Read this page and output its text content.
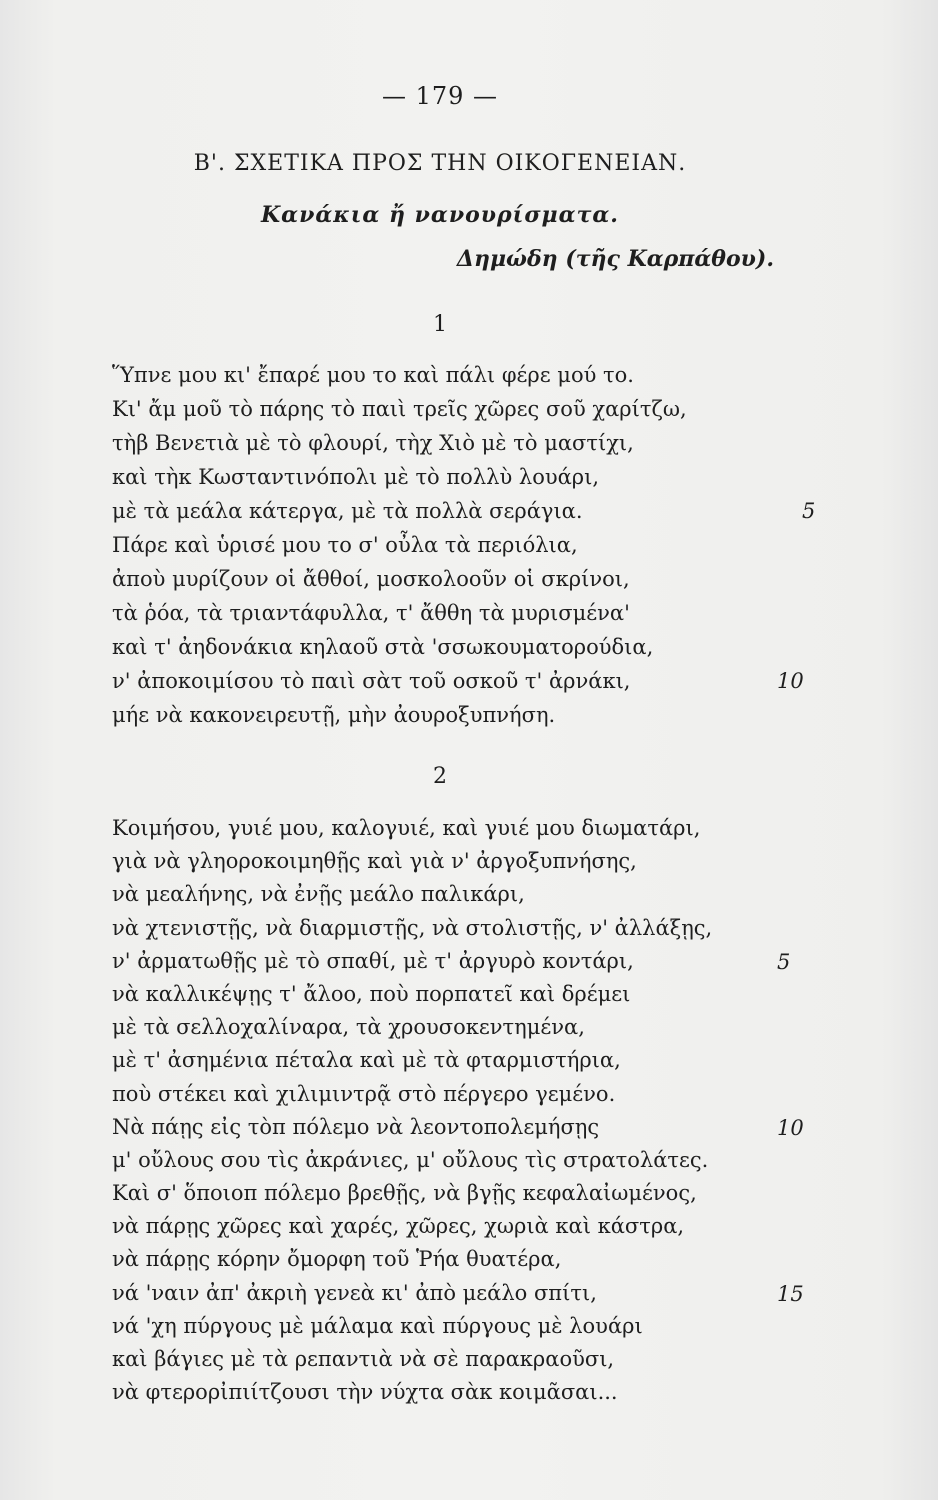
— 179 —
Β'. ΣΧΕΤΙΚΑ ΠΡΟΣ ΤΗΝ ΟΙΚΟΓΕΝΕΙΑΝ.
Κανάκια ἤ νανουρίσματα.
Δημώδη (τῆς Καρπάθου).
1
Ὕπνε μου κι' ἔπαρέ μου το καὶ πάλι φέρε μού το.
Κι' ἄμ μοῦ τὸ πάρης τὸ παιὶ τρεῖς χῶρες σοῦ χαρίτζω,
τὴβ Βενετιὰ μὲ τὸ φλουρί, τὴχ Χιὸ μὲ τὸ μαστίχι,
καὶ τὴκ Κωσταντινόπολι μὲ τὸ πολλὺ λουάρι,
μὲ τὰ μεάλα κάτεργα, μὲ τὰ πολλὰ σεράγια.	5
Πάρε καὶ ὑρισέ μου το σ' οὖλα τὰ περιόλια,
ἀποὺ μυρίζουν οἱ ἄθθοί, μοσκολοοῦν οἱ σκρίνοι,
τὰ ῥόα, τὰ τριαντάφυλλα, τ' ἄθθη τὰ μυρισμένα'
καὶ τ' ἀηδονάκια κηλαοῦ στὰ 'σσωκουματορούδια,
ν' ἀποκοιμίσου τὸ παιὶ σὰτ τοῦ οσκοῦ τ' ἀρνάκι,	10
μήε νὰ κακονειρευτῇ, μὴν ἀουροξυπνήση.
2
Κοιμήσου, γυιέ μου, καλογυιέ, καὶ γυιέ μου διωματάρι,
γιὰ νὰ γληοροκοιμηθῇς καὶ γιὰ ν' ἀργοξυπνήσης,
νὰ μεαλήνης, νὰ ἐνῇς μεάλο παλικάρι,
νὰ χτενιστῇς, νὰ διαρμιστῇς, νὰ στολιστῇς, ν' ἀλλάξῃς,
ν' ἀρματωθῇς μὲ τὸ σπαθί, μὲ τ' ἀργυρὸ κοντάρι,	5
νὰ καλλικέψῃς τ' ἄλοο, ποὺ πορπατεῖ καὶ δρέμει
μὲ τὰ σελλοχαλίναρα, τὰ χρουσοκεντημένα,
μὲ τ' ἀσημένια πέταλα καὶ μὲ τὰ φταρμιστήρια,
ποὺ στέκει καὶ χιλιμιντρᾷ στὸ πέργερο γεμένο.
Νὰ πάῃς εἰς τὸπ πόλεμο νὰ λεοντοπολεμήσῃς	10
μ' οὔλους σου τὶς ἀκράνιες, μ' οὔλους τὶς στρατολάτες.
Καὶ σ' ὅποιοπ πόλεμο βρεθῇς, νὰ βγῇς κεφαλαἰωμένος,
νὰ πάρῃς χῶρες καὶ χαρές, χῶρες, χωριὰ καὶ κάστρα,
νὰ πάρῃς κόρην ὄμορφη τοῦ Ῥήα θυατέρα,
νά 'ναιν ἀπ' ἀκριὴ γενεὰ κι' ἀπὸ μεάλο σπίτι,	15
νά 'χη πύργους μὲ μάλαμα καὶ πύργους μὲ λουάρι
καὶ βάγιες μὲ τὰ ρεπαντιὰ νὰ σὲ παρακραοῦσι,
νὰ φτερορἰπιίτζουσι τὴν νύχτα σὰκ κοιμᾶσαι...
